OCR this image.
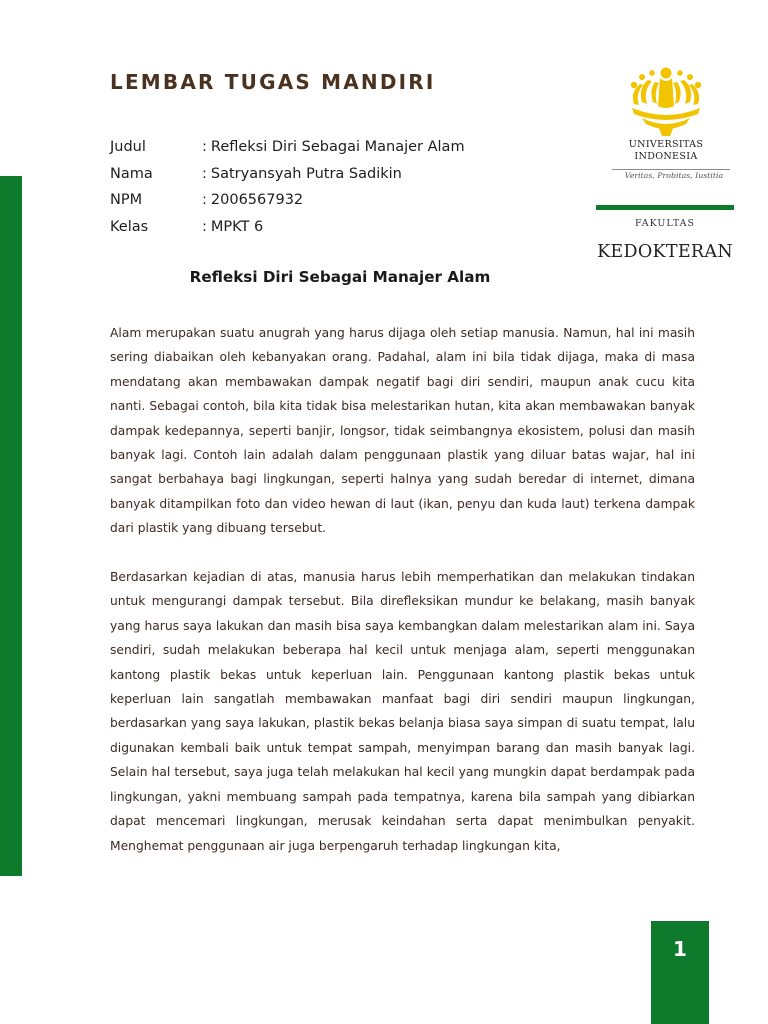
LEMBAR TUGAS MANDIRI
Judul	: Refleksi Diri Sebagai Manajer Alam
Nama	: Satryansyah Putra Sadikin
NPM	: 2006567932
Kelas	: MPKT 6
UNIVERSITAS
INDONESIA
Veritas, Probitas, Iustitia
FAKULTAS
KEDOKTERAN
Refleksi Diri Sebagai Manajer Alam

Alam merupakan suatu anugrah yang harus dijaga oleh setiap manusia. Namun, hal ini masih sering diabaikan oleh kebanyakan orang. Padahal, alam ini bila tidak dijaga, maka di masa mendatang akan membawakan dampak negatif bagi diri sendiri, maupun anak cucu kita nanti. Sebagai contoh, bila kita tidak bisa melestarikan hutan, kita akan membawakan banyak dampak kedepannya, seperti banjir, longsor, tidak seimbangnya ekosistem, polusi dan masih banyak lagi. Contoh lain adalah dalam penggunaan plastik yang diluar batas wajar, hal ini sangat berbahaya bagi lingkungan, seperti halnya yang sudah beredar di internet, dimana banyak ditampilkan foto dan video hewan di laut (ikan, penyu dan kuda laut) terkena dampak dari plastik yang dibuang tersebut.

Berdasarkan kejadian di atas, manusia harus lebih memperhatikan dan melakukan tindakan untuk mengurangi dampak tersebut. Bila direfleksikan mundur ke belakang, masih banyak yang harus saya lakukan dan masih bisa saya kembangkan dalam melestarikan alam ini. Saya sendiri, sudah melakukan beberapa hal kecil untuk menjaga alam, seperti menggunakan kantong plastik bekas untuk keperluan lain. Penggunaan kantong plastik bekas untuk keperluan lain sangatlah membawakan manfaat bagi diri sendiri maupun lingkungan, berdasarkan yang saya lakukan, plastik bekas belanja biasa saya simpan di suatu tempat, lalu digunakan kembali baik untuk tempat sampah, menyimpan barang dan masih banyak lagi. Selain hal tersebut, saya juga telah melakukan hal kecil yang mungkin dapat berdampak pada lingkungan, yakni membuang sampah pada tempatnya, karena bila sampah yang dibiarkan dapat mencemari lingkungan, merusak keindahan serta dapat menimbulkan penyakit. Menghemat penggunaan air juga berpengaruh terhadap lingkungan kita,

1
